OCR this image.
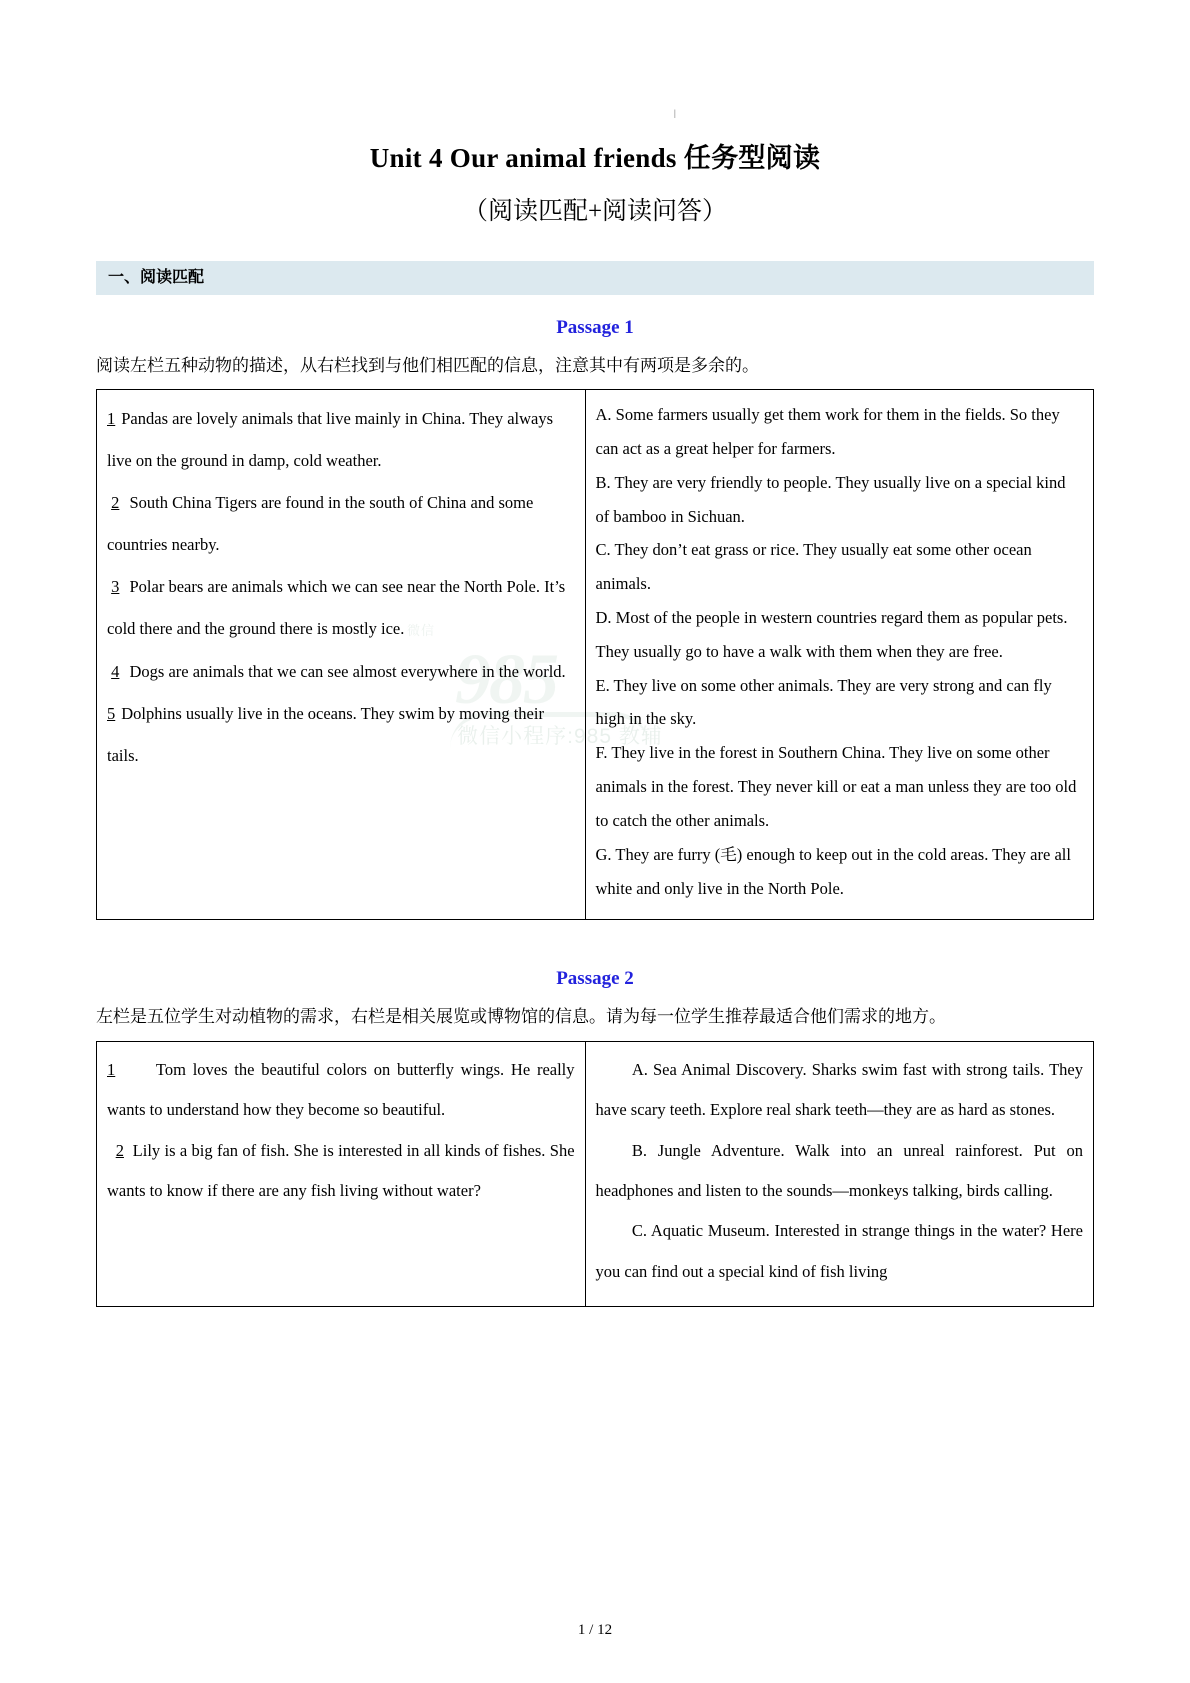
微信
985
微信小程序:985 教辅
|
Unit 4 Our animal friends 任务型阅读
（阅读匹配+阅读问答）
一、阅读匹配
Passage 1
阅读左栏五种动物的描述，从右栏找到与他们相匹配的信息，注意其中有两项是多余的。

1 Pandas are lovely animals that live mainly in China. They always live on the ground in damp, cold weather.

2 South China Tigers are found in the south of China and some countries nearby.

3 Polar bears are animals which we can see near the North Pole. It’s cold there and the ground there is mostly ice.

4 Dogs are animals that we can see almost everywhere in the world.

5 Dolphins usually live in the oceans. They swim by moving their tails.

A. Some farmers usually get them work for them in the fields. So they can act as a great helper for farmers.

B. They are very friendly to people. They usually live on a special kind of bamboo in Sichuan.

C. They don’t eat grass or rice. They usually eat some other ocean animals.

D. Most of the people in western countries regard them as popular pets. They usually go to have a walk with them when they are free.

E. They live on some other animals. They are very strong and can fly high in the sky.

F. They live in the forest in Southern China. They live on some other animals in the forest. They never kill or eat a man unless they are too old to catch the other animals.

G. They are furry (毛) enough to keep out in the cold areas. They are all white and only live in the North Pole.

Passage 2
左栏是五位学生对动植物的需求，右栏是相关展览或博物馆的信息。请为每一位学生推荐最适合他们需求的地方。

1 Tom loves the beautiful colors on butterfly wings. He really wants to understand how they become so beautiful.

2 Lily is a big fan of fish. She is interested in all kinds of fishes. She wants to know if there are any fish living without water?

A. Sea Animal Discovery. Sharks swim fast with strong tails. They have scary teeth. Explore real shark teeth—they are as hard as stones.

B. Jungle Adventure. Walk into an unreal rainforest. Put on headphones and listen to the sounds—monkeys talking, birds calling.

C. Aquatic Museum. Interested in strange things in the water? Here you can find out a special kind of fish living

1 / 12
